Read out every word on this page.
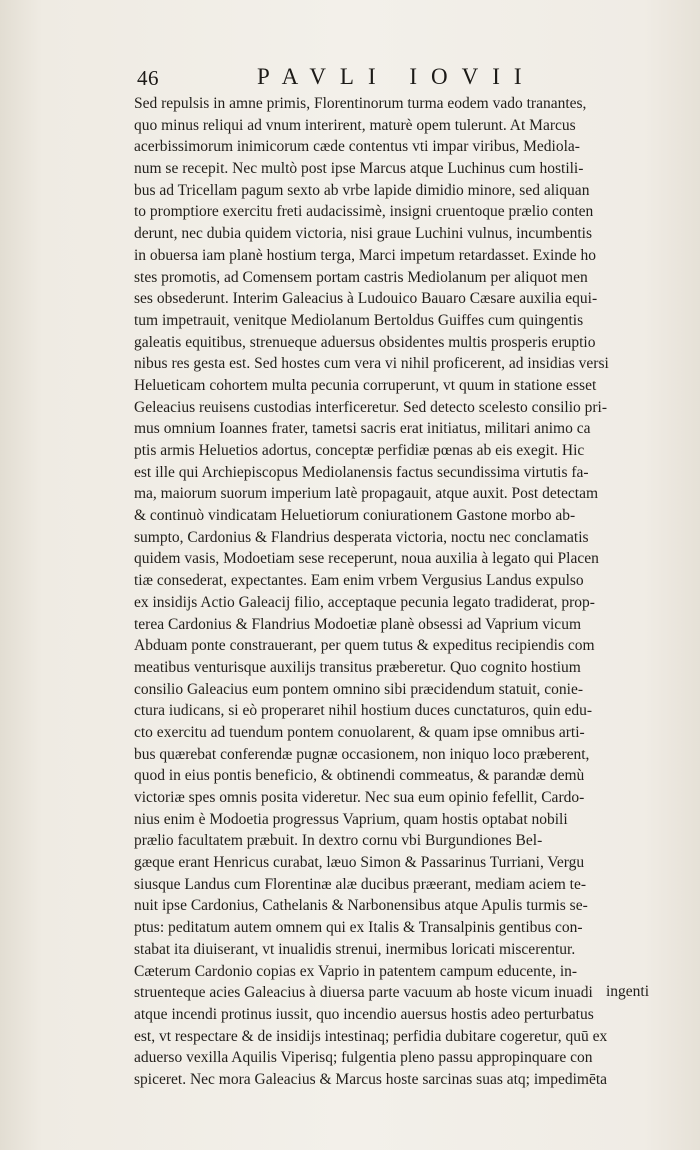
46	PAVLI IOVII
Sed repulsis in amne primis, Florentinorum turma eodem vado tranantes,
quo minus reliqui ad vnum interirent, maturè opem tulerunt. At Marcus
acerbissimorum inimicorum cæde contentus vti impar viribus, Mediola-
num se recepit. Nec multò post ipse Marcus atque Luchinus cum hostili-
bus ad Tricellam pagum sexto ab vrbe lapide dimidio minore, sed aliquan
to promptiore exercitu freti audacissimè, insigni cruentoque prælio conten
derunt, nec dubia quidem victoria, nisi graue Luchini vulnus, incumbentis
in obuersa iam planè hostium terga, Marci impetum retardasset. Exinde ho
stes promotis, ad Comensem portam castris Mediolanum per aliquot men
ses obsederunt. Interim Galeacius à Ludouico Bauaro Cæsare auxilia equi-
tum impetrauit, venitque Mediolanum Bertoldus Guiffes cum quingentis
galeatis equitibus, strenueque aduersus obsidentes multis prosperis eruptio
nibus res gesta est. Sed hostes cum vera vi nihil proficerent, ad insidias versi
Helueticam cohortem multa pecunia corruperunt, vt quum in statione esset
Geleacius reuisens custodias interficeretur. Sed detecto scelesto consilio pri-
mus omnium Ioannes frater, tametsi sacris erat initiatus, militari animo ca
ptis armis Heluetios adortus, conceptæ perfidiæ pœnas ab eis exegit. Hic
est ille qui Archiepiscopus Mediolanensis factus secundissima virtutis fa-
ma, maiorum suorum imperium latè propagauit, atque auxit. Post detectam
& continuò vindicatam Heluetiorum coniurationem Gastone morbo ab-
sumpto, Cardonius & Flandrius desperata victoria, noctu nec conclamatis
quidem vasis, Modoetiam sese receperunt, noua auxilia à legato qui Placen
tiæ consederat, expectantes. Eam enim vrbem Vergusius Landus expulso
ex insidijs Actio Galeacij filio, acceptaque pecunia legato tradiderat, prop-
terea Cardonius & Flandrius Modoetiæ planè obsessi ad Vaprium vicum
Abduam ponte constrauerant, per quem tutus & expeditus recipiendis com
meatibus venturisque auxilijs transitus præberetur. Quo cognito hostium
consilio Galeacius eum pontem omnino sibi præcidendum statuit, conie-
ctura iudicans, si eò properaret nihil hostium duces cunctaturos, quin edu-
cto exercitu ad tuendum pontem conuolarent, & quam ipse omnibus arti-
bus quærebat conferendæ pugnæ occasionem, non iniquo loco præberent,
quod in eius pontis beneficio, & obtinendi commeatus, & parandæ demù
victoriæ spes omnis posita videretur. Nec sua eum opinio fefellit, Cardo-
nius enim è Modoetia progressus Vaprium, quam hostis optabat nobili
prælio facultatem præbuit. In dextro cornu vbi Burgundiones Bel-
gæque erant Henricus curabat, læuo Simon & Passarinus Turriani, Vergu
siusque Landus cum Florentinæ alæ ducibus præerant, mediam aciem te-
nuit ipse Cardonius, Cathelanis & Narbonensibus atque Apulis turmis se-
ptus: peditatum autem omnem qui ex Italis & Transalpinis gentibus con-
stabat ita diuiserant, vt inualidis strenui, inermibus loricati miscerentur.
Cæterum Cardonio copias ex Vaprio in patentem campum educente, in-
struenteque acies Galeacius à diuersa parte vacuum ab hoste vicum inuadi
atque incendi protinus iussit, quo incendio auersus hostis adeo perturbatus
est, vt respectare & de insidijs intestinaq; perfidia dubitare cogeretur, quū ex
aduerso vexilla Aquilis Viperisq; fulgentia pleno passu appropinquare con
spiceret. Nec mora Galeacius & Marcus hoste sarcinas suas atq; impedimēta
ingenti
